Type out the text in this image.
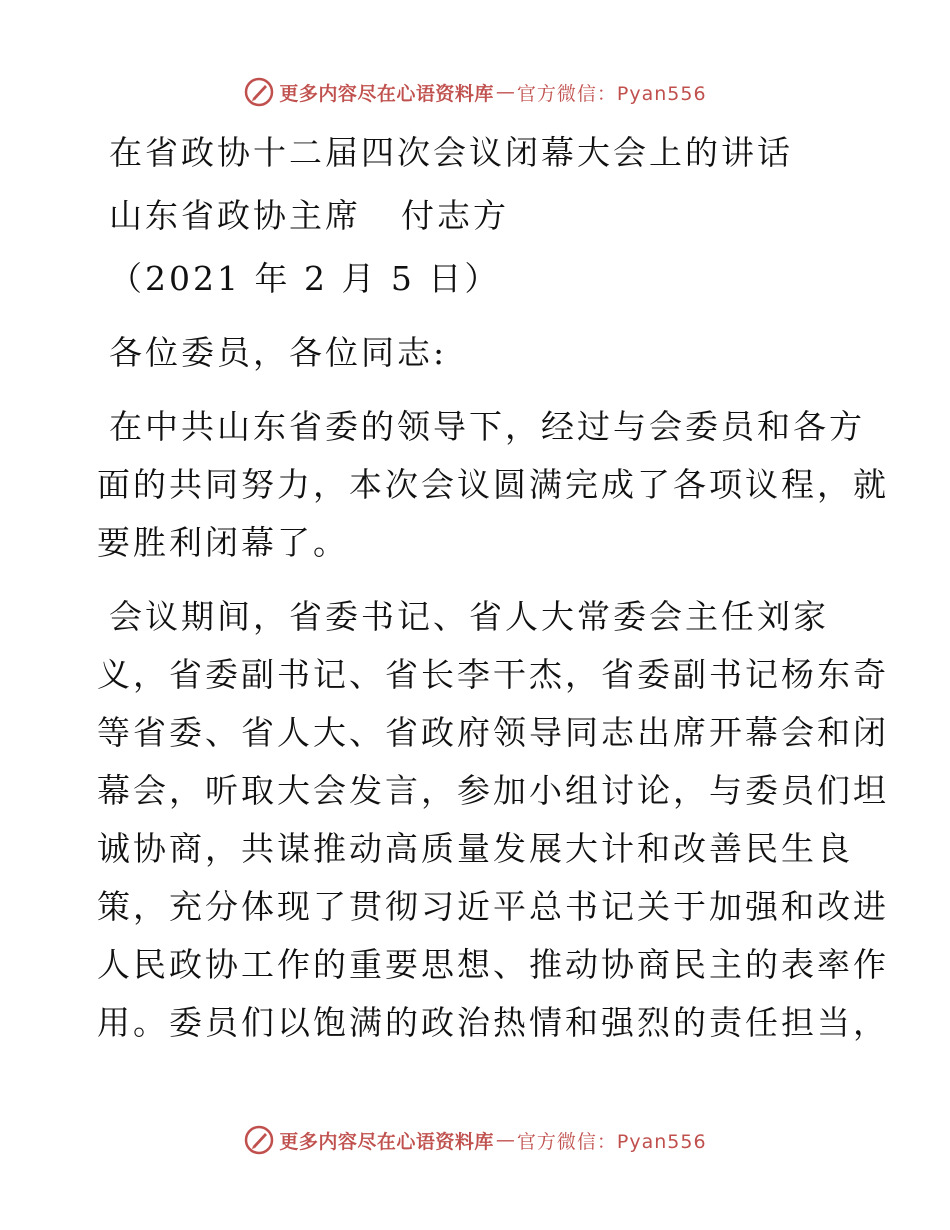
更多内容尽在心语资料库 — 官方微信：Pyan556
在省政协十二届四次会议闭幕大会上的讲话
山东省政协主席 付志方
（2021 年 2 月 5 日）
各位委员，各位同志:
在中共山东省委的领导下，经过与会委员和各方
面的共同努力，本次会议圆满完成了各项议程，就
要胜利闭幕了。
会议期间，省委书记、省人大常委会主任刘家
义，省委副书记、省长李干杰，省委副书记杨东奇
等省委、省人大、省政府领导同志出席开幕会和闭
幕会，听取大会发言，参加小组讨论，与委员们坦
诚协商，共谋推动高质量发展大计和改善民生良
策，充分体现了贯彻习近平总书记关于加强和改进
人民政协工作的重要思想、推动协商民主的表率作
用。委员们以饱满的政治热情和强烈的责任担当，
更多内容尽在心语资料库 — 官方微信：Pyan556
